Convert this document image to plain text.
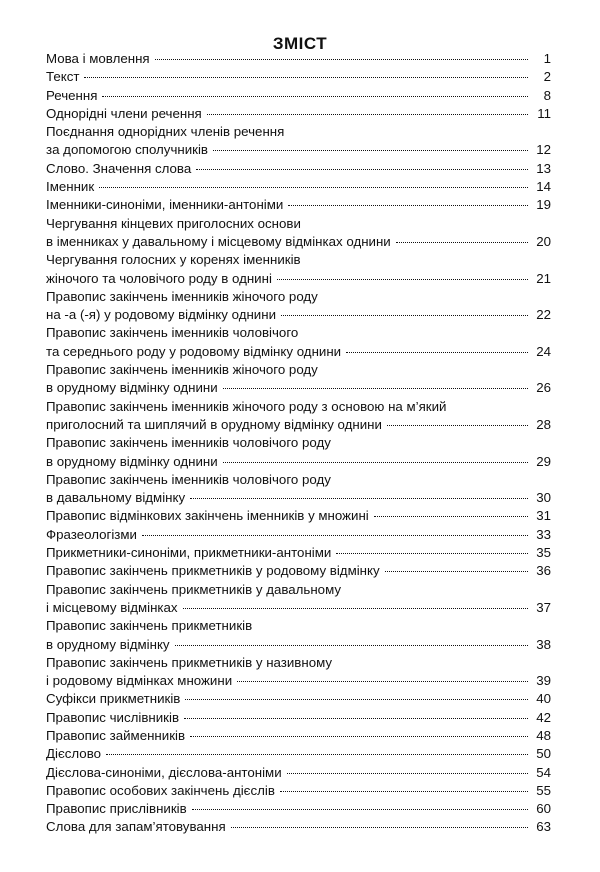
ЗМІСТ
Мова і мовлення	1
Текст	2
Речення	8
Однорідні члени речення	11
Поєднання однорідних членів речення
за допомогою сполучників	12
Слово. Значення слова	13
Іменник	14
Іменники-синоніми, іменники-антоніми	19
Чергування кінцевих приголосних основи
в іменниках у давальному і місцевому відмінках однини	20
Чергування голосних у коренях іменників
жіночого та чоловічого роду в однині	21
Правопис закінчень іменників жіночого роду
на -а (-я) у родовому відмінку однини	22
Правопис закінчень іменників чоловічого
та середнього роду у родовому відмінку однини	24
Правопис закінчень іменників жіночого роду
в орудному відмінку однини	26
Правопис закінчень іменників жіночого роду з основою на м’який
приголосний та шиплячий в орудному відмінку однини	28
Правопис закінчень іменників чоловічого роду
в орудному відмінку однини	29
Правопис закінчень іменників чоловічого роду
в давальному відмінку	30
Правопис відмінкових закінчень іменників у множині	31
Фразеологізми	33
Прикметники-синоніми, прикметники-антоніми	35
Правопис закінчень прикметників у родовому відмінку	36
Правопис закінчень прикметників у давальному
і місцевому відмінках	37
Правопис закінчень прикметників
в орудному відмінку	38
Правопис закінчень прикметників у називному
і родовому відмінках множини	39
Суфікси прикметників	40
Правопис числівників	42
Правопис займенників	48
Дієслово	50
Дієслова-синоніми, дієслова-антоніми	54
Правопис особових закінчень дієслів	55
Правопис прислівників	60
Слова для запам’ятовування	63
